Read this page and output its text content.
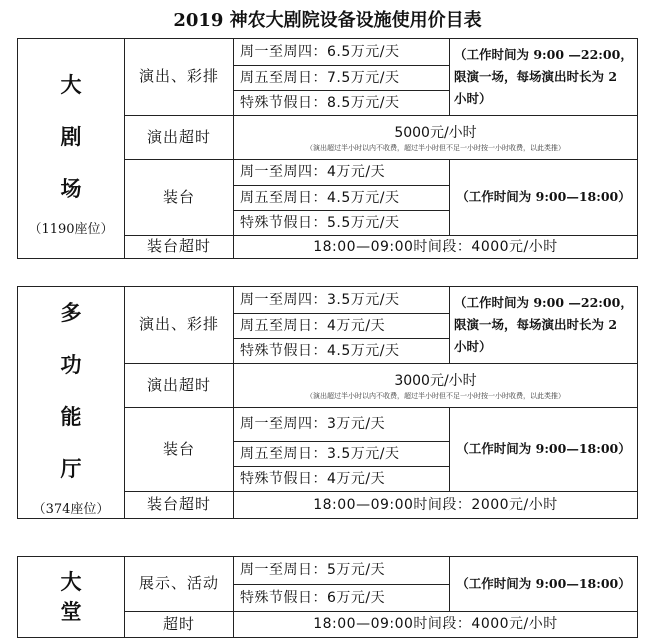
2019 神农大剧院设备设施使用价目表
大
剧
场
（1190座位）	演出、彩排	周一至周四：6.5万元/天	（工作时间为 9:00 —22:00，限演一场，每场演出时长为 2 小时）
		周五至周日：7.5万元/天	
		特殊节假日：8.5万元/天	
	演出超时	5000元/小时
（演出超过半小时以内不收费，超过半小时但不足一小时按一小时收费，以此类推）	

	装台	周一至周四：4万元/天	（工作时间为 9:00—18:00）
		周五至周日：4.5万元/天	
		特殊节假日：5.5万元/天	
	装台超时	18:00—09:00时间段：4000元/小时	
多
功
能
厅
（374座位）	演出、彩排	周一至周四：3.5万元/天	（工作时间为 9:00 —22:00，限演一场，每场演出时长为 2 小时）
		周五至周日：4万元/天	
		特殊节假日：4.5万元/天	
	演出超时	3000元/小时
（演出超过半小时以内不收费，超过半小时但不足一小时按一小时收费，以此类推）	

	装台	周一至周四：3万元/天	（工作时间为 9:00—18:00）
		周五至周日：3.5万元/天	
		特殊节假日：4万元/天	
	装台超时	18:00—09:00时间段：2000元/小时	
大
堂	展示、活动	周一至周日：5万元/天	（工作时间为 9:00—18:00）
		特殊节假日：6万元/天	
	超时	18:00—09:00时间段：4000元/小时	
